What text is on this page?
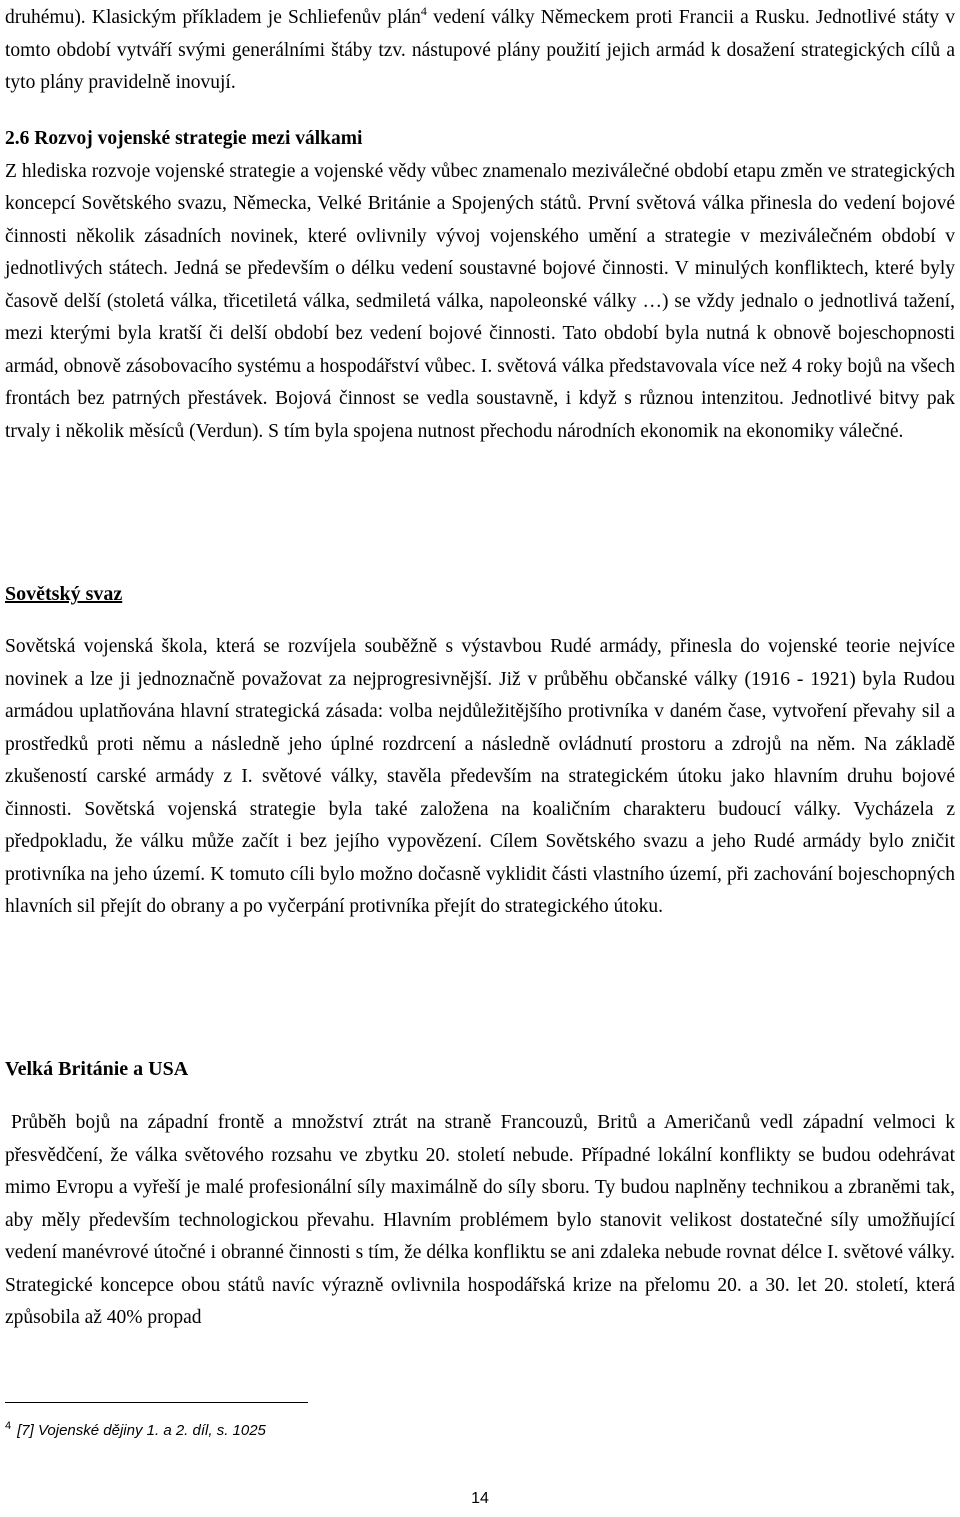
druhému). Klasickým příkladem je Schliefenův plán$^4$ vedení války Německem proti Francii a Rusku. Jednotlivé státy v tomto období vytváří svými generálními štáby tzv. nástupové plány použití jejich armád k dosažení strategických cílů a tyto plány pravidelně inovují.

2.6 Rozvoj vojenské strategie mezi válkami
Z hlediska rozvoje vojenské strategie a vojenské vědy vůbec znamenalo meziválečné období etapu změn ve strategických koncepcí Sovětského svazu, Německa, Velké Británie a Spojených států. První světová válka přinesla do vedení bojové činnosti několik zásadních novinek, které ovlivnily vývoj vojenského umění a strategie v meziválečném období v jednotlivých státech. Jedná se především o délku vedení soustavné bojové činnosti. V minulých konfliktech, které byly časově delší (stoletá válka, třicetiletá válka, sedmiletá válka, napoleonské války …) se vždy jednalo o jednotlivá tažení, mezi kterými byla kratší či delší období bez vedení bojové činnosti. Tato období byla nutná k obnově bojeschopnosti armád, obnově zásobovacího systému a hospodářství vůbec. I. světová válka představovala více než 4 roky bojů na všech frontách bez patrných přestávek. Bojová činnost se vedla soustavně, i když s různou intenzitou. Jednotlivé bitvy pak trvaly i několik měsíců (Verdun). S tím byla spojena nutnost přechodu národních ekonomik na ekonomiky válečné.

Sovětský svaz

Sovětská vojenská škola, která se rozvíjela souběžně s výstavbou Rudé armády, přinesla do vojenské teorie nejvíce novinek a lze ji jednoznačně považovat za nejprogresivnější. Již v průběhu občanské války (1916 - 1921) byla Rudou armádou uplatňována hlavní strategická zásada: volba nejdůležitějšího protivníka v daném čase, vytvoření převahy sil a prostředků proti němu a následně jeho úplné rozdrcení a následně ovládnutí prostoru a zdrojů na něm. Na základě zkušeností carské armády z I. světové války, stavěla především na strategickém útoku jako hlavním druhu bojové činnosti. Sovětská vojenská strategie byla také založena na koaličním charakteru budoucí války. Vycházela z předpokladu, že válku může začít i bez jejího vypovězení. Cílem Sovětského svazu a jeho Rudé armády bylo zničit protivníka na jeho území. K tomuto cíli bylo možno dočasně vyklidit části vlastního území, při zachování bojeschopných hlavních sil přejít do obrany a po vyčerpání protivníka přejít do strategického útoku.

Velká Británie a USA

Průběh bojů na západní frontě a množství ztrát na straně Francouzů, Britů a Američanů vedl západní velmoci k přesvědčení, že válka světového rozsahu ve zbytku 20. století nebude. Případné lokální konflikty se budou odehrávat mimo Evropu a vyřeší je malé profesionální síly maximálně do síly sboru. Ty budou naplněny technikou a zbraněmi tak, aby měly především technologickou převahu. Hlavním problémem bylo stanovit velikost dostatečné síly umožňující vedení manévrové útočné i obranné činnosti s tím, že délka konfliktu se ani zdaleka nebude rovnat délce I. světové války. Strategické koncepce obou států navíc výrazně ovlivnila hospodářská krize na přelomu 20. a 30. let 20. století, která způsobila až 40% propad

$^4$ [7] Vojenské dějiny 1. a 2. díl, s. 1025
14
